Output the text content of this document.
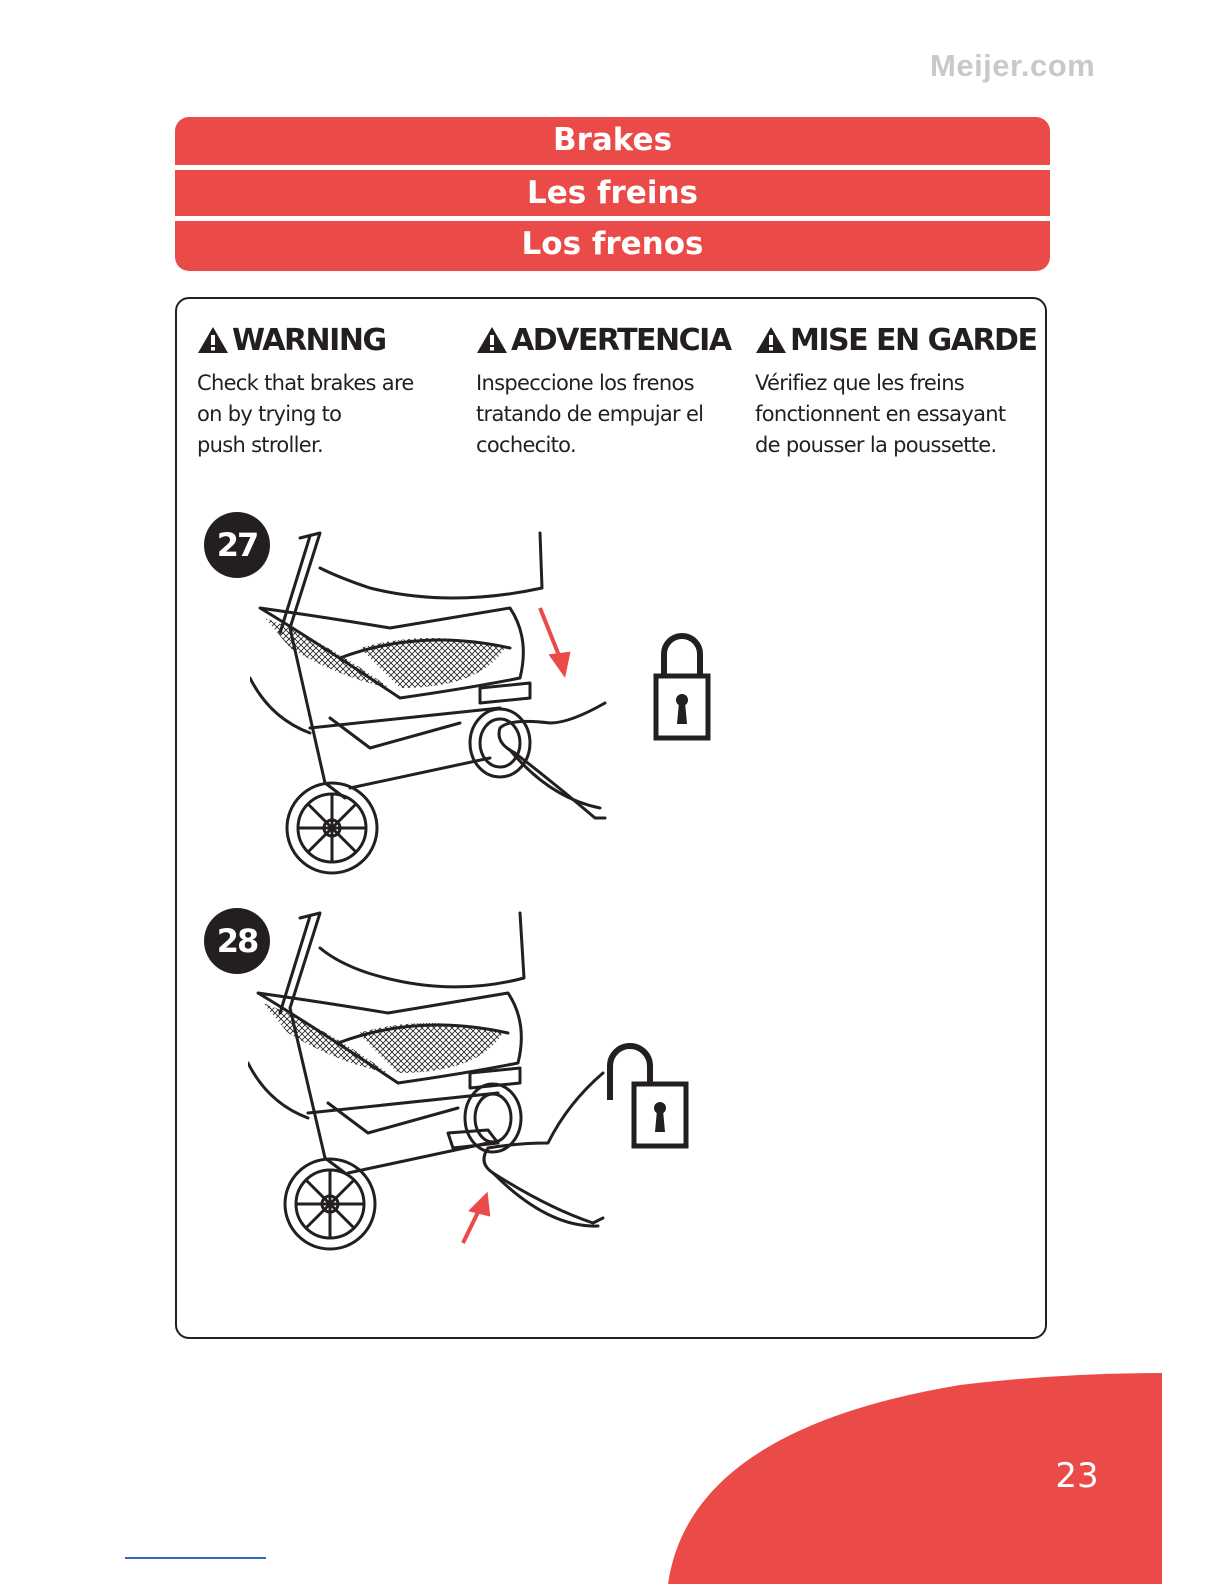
Meijer.com
Brakes
Les freins
Los frenos
WARNING
Check that brakes are
on by trying to
push stroller.
ADVERTENCIA
Inspeccione los frenos
tratando de empujar el
cochecito.
MISE EN GARDE
Vérifiez que les freins
fonctionnent en essayant
de pousser la poussette.
27
28
23
